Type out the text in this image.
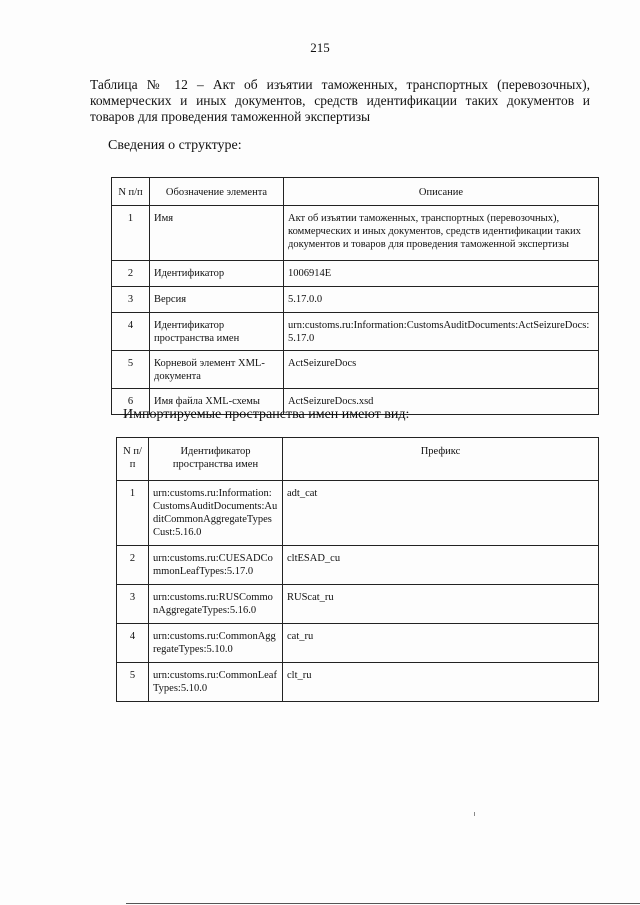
215
Таблица № 12 – Акт об изъятии таможенных, транспортных (перевозочных), коммерческих и иных документов, средств идентификации таких документов и товаров для проведения таможенной экспертизы
Сведения о структуре:
N п/п	Обозначение элемента	Описание
1	Имя	Акт об изъятии таможенных, транспортных (перевозочных), коммерческих и иных документов, средств идентификации таких документов и товаров для проведения таможенной экспертизы
2	Идентификатор	1006914E
3	Версия	5.17.0.0
4	Идентификатор пространства имен	urn:customs.ru:Information:CustomsAuditDocuments:ActSeizureDocs:5.17.0
5	Корневой элемент XML-документа	ActSeizureDocs
6	Имя файла XML-схемы	ActSeizureDocs.xsd
Импортируемые пространства имен имеют вид:
N п/п	Идентификатор пространства имен	Префикс
1	urn:customs.ru:Information:CustomsAuditDocuments:AuditCommonAggregateTypesCust:5.16.0	adt_cat
2	urn:customs.ru:CUESADCommonLeafTypes:5.17.0	cltESAD_cu
3	urn:customs.ru:RUSCommonAggregateTypes:5.16.0	RUScat_ru
4	urn:customs.ru:CommonAggregateTypes:5.10.0	cat_ru
5	urn:customs.ru:CommonLeafTypes:5.10.0	clt_ru
